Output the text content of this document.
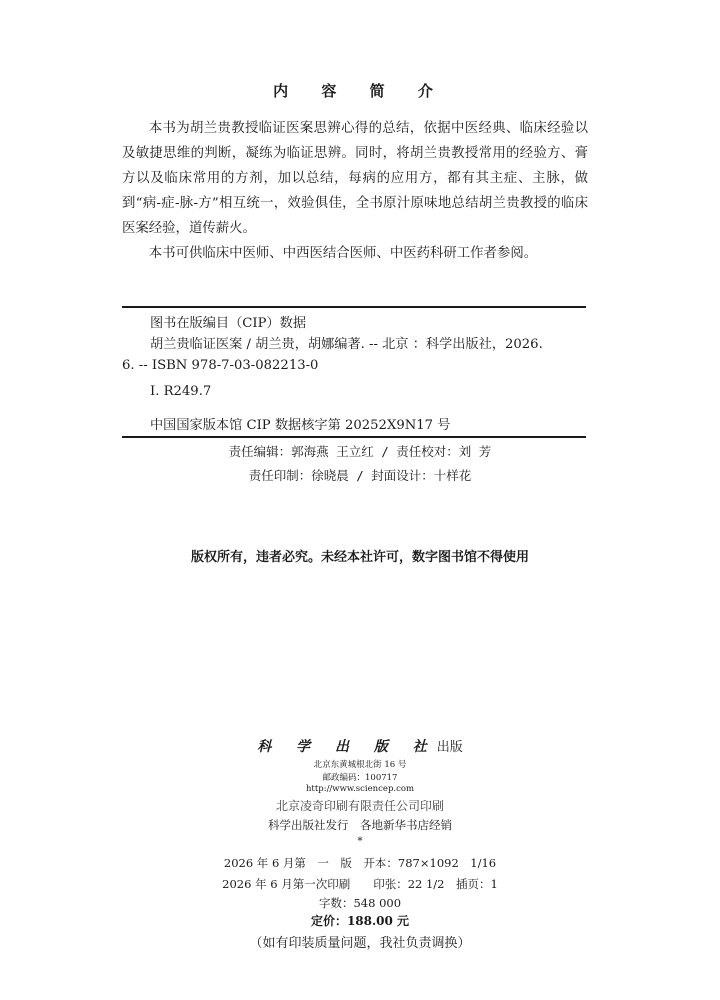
内 容 简 介

本书为胡兰贵教授临证医案思辨心得的总结，依据中医经典、临床经验以及敏捷思维的判断，凝练为临证思辨。同时，将胡兰贵教授常用的经验方、膏方以及临床常用的方剂，加以总结，每病的应用方，都有其主症、主脉，做到“病-症-脉-方”相互统一，效验俱佳，全书原汁原味地总结胡兰贵教授的临床医案经验，道传薪火。

本书可供临床中医师、中西医结合医师、中医药科研工作者参阅。

图书在版编目（CIP）数据
胡兰贵临证医案 / 胡兰贵，胡娜编著. -- 北京 ：科学出版社，2026.
6. -- ISBN 978-7-03-082213-0
Ⅰ. R249.7
中国国家版本馆 CIP 数据核字第 20252X9N17 号
责任编辑：郭海燕 王立红 / 责任校对：刘 芳
责任印制：徐晓晨 / 封面设计：十样花
版权所有，违者必究。未经本社许可，数字图书馆不得使用
科 学 出 版 社出版
北京东黄城根北街 16 号
邮政编码：100717
http://www.sciencep.com
北京凌奇印刷有限责任公司印刷
科学出版社发行　各地新华书店经销
*
2026 年 6 月第　一　版　开本：787×1092　1/16
2026 年 6 月第一次印刷　　印张：22 1/2　插页：1
字数：548 000
定价：188.00 元
（如有印装质量问题，我社负责调换）
